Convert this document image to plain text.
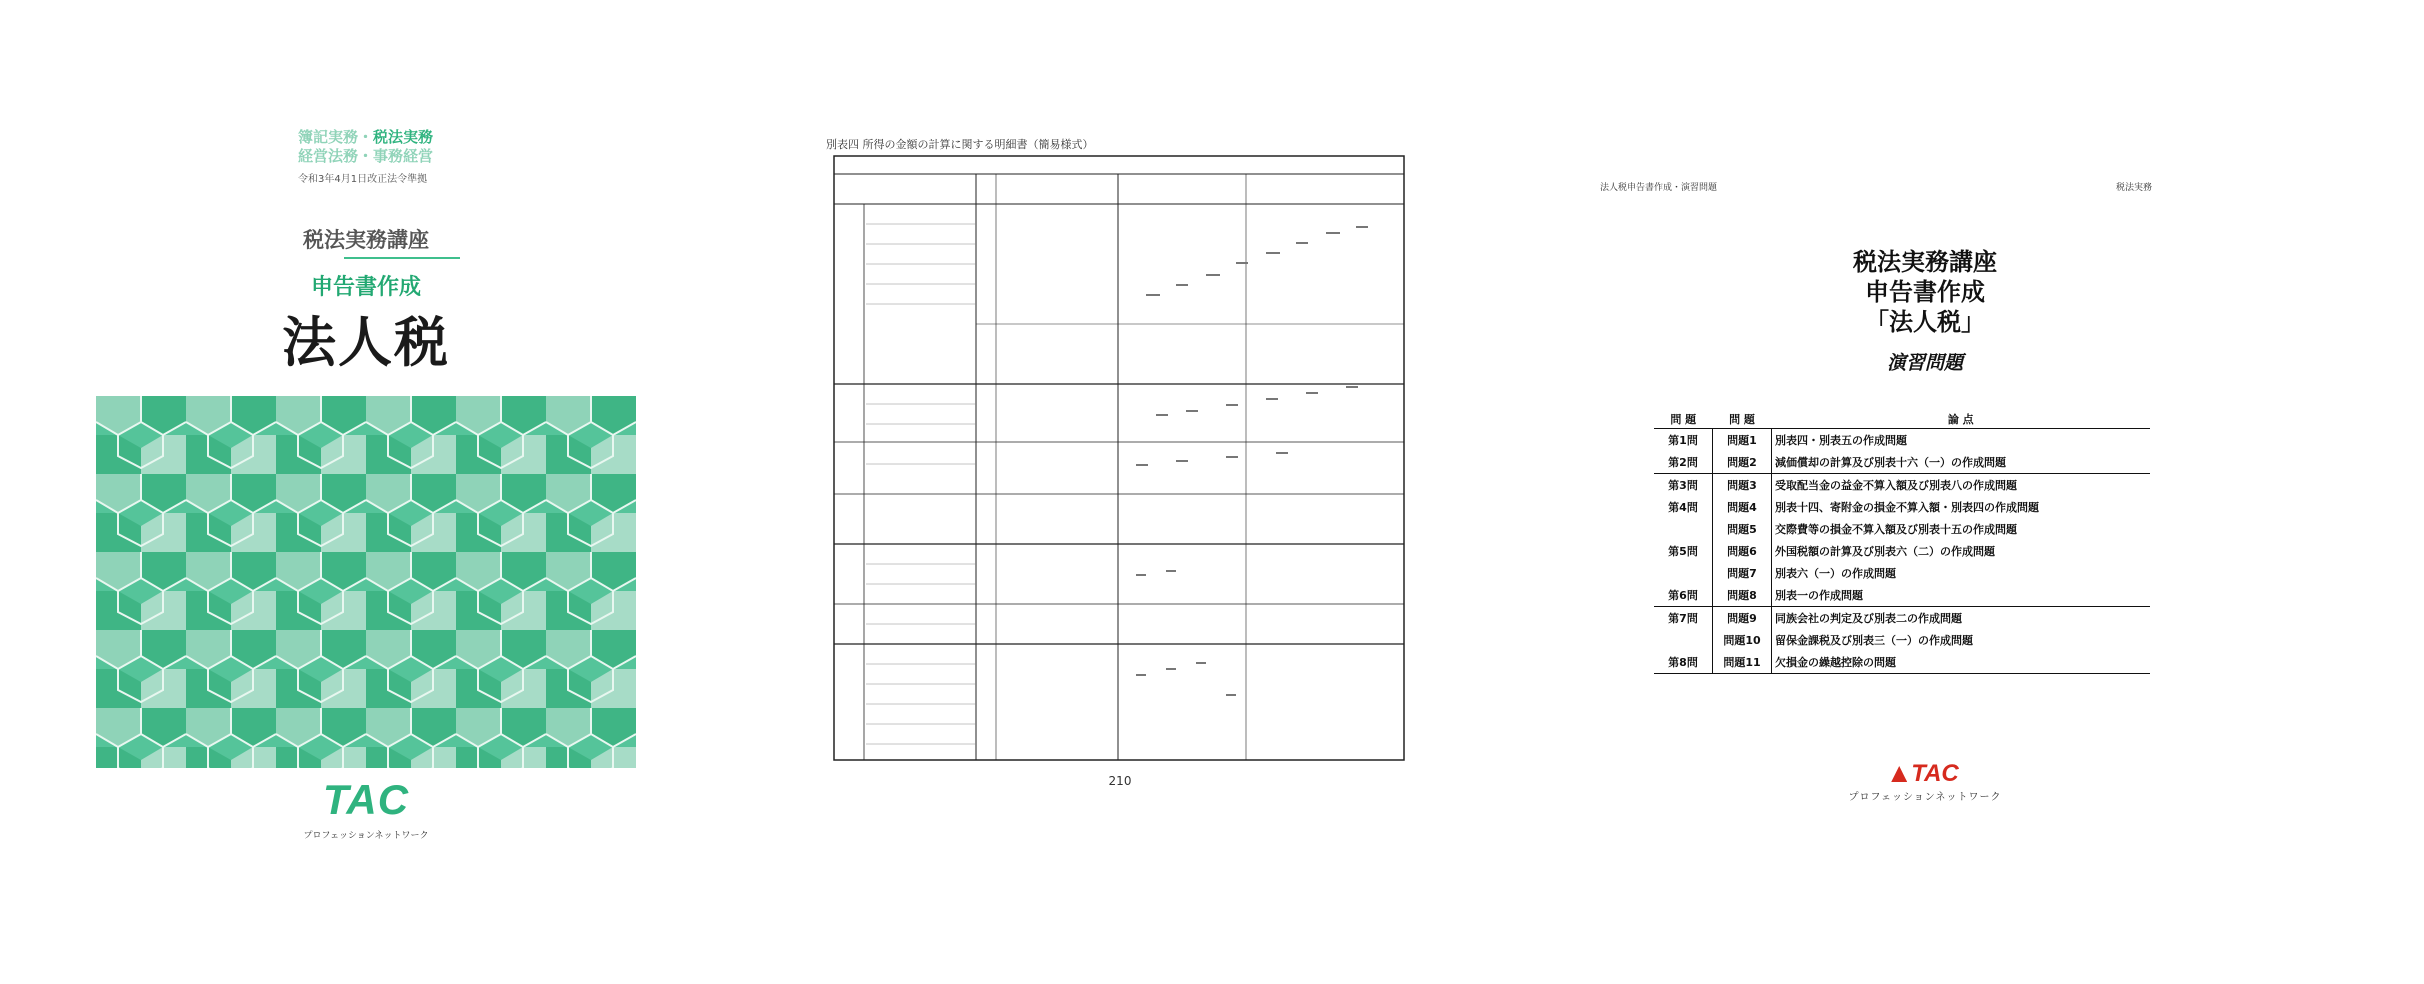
簿記実務・税法実務
経営法務・事務経営
令和3年4月1日改正法令準拠
税法実務講座
申告書作成
法人税
TAC
プロフェッションネットワーク
別表四 所得の金額の計算に関する明細書（簡易様式）
210
法人税申告書作成・演習問題	税法実務
税法実務講座
申告書作成
「法人税」
演習問題
問 題	問 題	論 点
第1問	問題1	別表四・別表五の作成問題
第2問	問題2	減価償却の計算及び別表十六（一）の作成問題
第3問	問題3	受取配当金の益金不算入額及び別表八の作成問題
第4問	問題4	別表十四、寄附金の損金不算入額・別表四の作成問題
	問題5	交際費等の損金不算入額及び別表十五の作成問題
第5問	問題6	外国税額の計算及び別表六（二）の作成問題
	問題7	別表六（一）の作成問題
第6問	問題8	別表一の作成問題
第7問	問題9	同族会社の判定及び別表二の作成問題
	問題10	留保金課税及び別表三（一）の作成問題
第8問	問題11	欠損金の繰越控除の問題
TAC
プロフェッションネットワーク
